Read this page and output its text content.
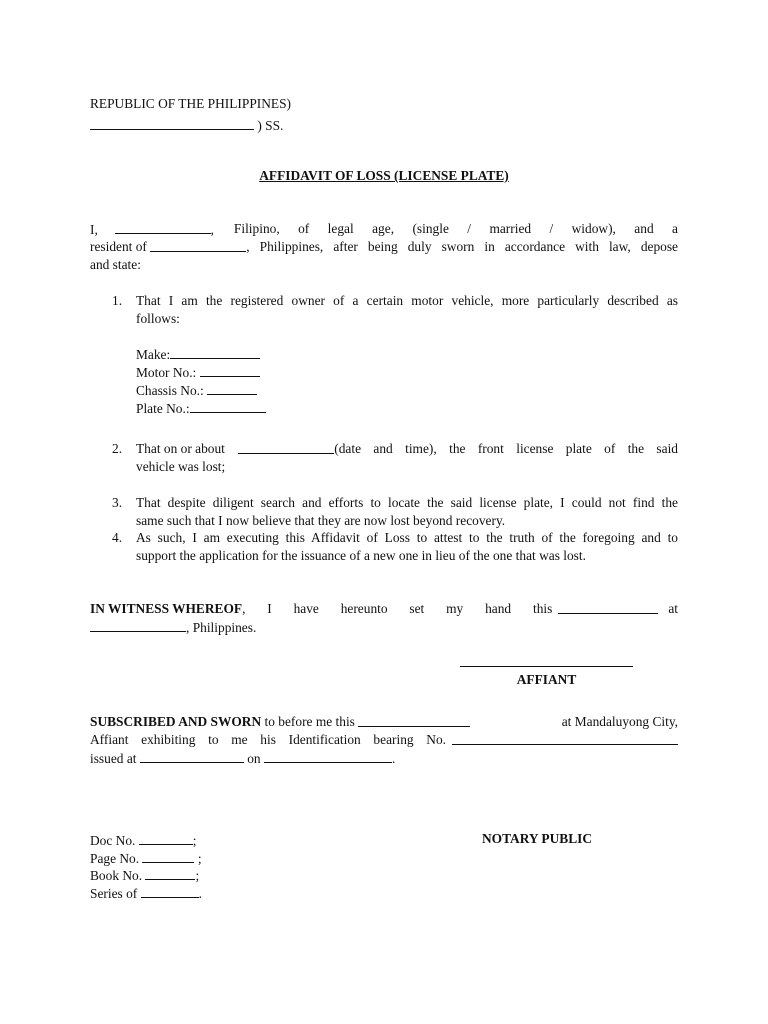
REPUBLIC OF THE PHILIPPINES)
) SS.
AFFIDAVIT OF LOSS (LICENSE PLATE)
I,	, Filipino, of legal age, (single / married / widow), and a
resident of
	, Philippines, after being duly sworn in accordance with law, depose
and state:
1. That I am the registered owner of a certain motor vehicle, more particularly described as
follows:
Make:
Motor No.:
Chassis No.:
Plate No.:
2. That on or about
	(date and time), the front license plate of the said
vehicle was lost;
3. That despite diligent search and efforts to locate the said license plate, I could not find the
same such that I now believe that they are now lost beyond recovery.
4. As such, I am executing this Affidavit of Loss to attest to the truth of the foregoing and to
support the application for the issuance of a new one in lieu of the one that was lost.
IN WITNESS WHEREOF , I have hereunto set my hand this	at
, Philippines.
AFFIANT
SUBSCRIBED AND SWORN
to before me this
	at Mandaluyong City,
Affiant exhibiting to me his Identification bearing No.
issued at	on	.
Doc No.	;
Page No.	;
Book No.	;
Series of	.
NOTARY PUBLIC
